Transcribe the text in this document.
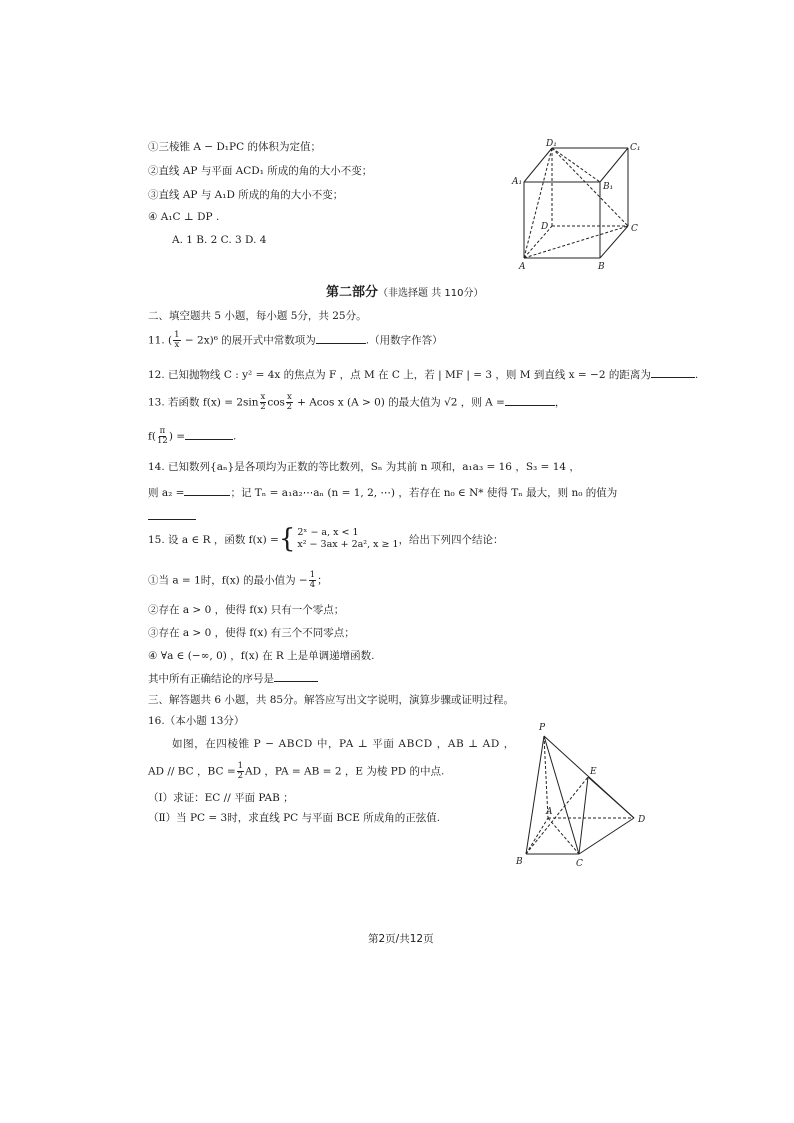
①三棱锥 A − D₁PC 的体积为定值；
②直线 AP 与平面 ACD₁ 所成的角的大小不变；
③直线 AP 与 A₁D 所成的角的大小不变；
④ A₁C ⊥ DP .
A. 1 B. 2 C. 3 D. 4
D₁	C₁
A₁	B₁
D	C
A	B
第二部分（非选择题 共 110分）
二、填空题共 5 小题，每小题 5分，共 25分。
11. ( $\frac{1}{x} - 2x)^6$ 的展开式中常数项为	.（用数字作答）
12. 已知抛物线 C : y² = 4x 的焦点为 F ，点 M 在 C 上，若 | MF | = 3 ，则 M 到直线 x = −2 的距离为	.
13. 若函数 $f(x) = 2\sin \frac{x}{2}$ $\cos \frac{x}{2} + Acos$ x (A > 0) 的最大值为 √2 ，则 A =	，
$f( \frac{\pi}{12}$ ) =	.
14. 已知数列{aₙ}是各项均为正数的等比数列，Sₙ 为其前 n 项和，a₁a₃ = 16 ，S₃ = 14 ，
则 a₂ =	；记 Tₙ = a₁a₂⋯aₙ (n = 1, 2, ⋯) ，若存在 n₀ ∈ N* 使得 Tₙ 最大，则 n₀ 的值为
15. 设 a ∈ R ，函数 f(x) = { 2ˣ − a, x < 1
x² − 3ax + 2a², x ≥ 1 ，给出下列四个结论：
①当 a = 1时，f(x) 的最小值为 − $\frac{1}{4}$ ；
②存在 a > 0 ，使得 f(x) 只有一个零点；
③存在 a > 0 ，使得 f(x) 有三个不同零点；
④ ∀a ∈ (−∞, 0) ，f(x) 在 R 上是单调递增函数.
其中所有正确结论的序号是
三、解答题共 6 小题，共 85分。解答应写出文字说明，演算步骤或证明过程。
16.（本小题 13分）
如图，在四棱锥 P − ABCD 中，PA ⊥ 平面 ABCD ，AB ⊥ AD ，
AD // BC ，BC = $\frac{1}{2}$ AD ，PA = AB = 2 ，E 为棱 PD 的中点.
（Ⅰ）求证：EC // 平面 PAB ；
（Ⅱ）当 PC = 3时，求直线 PC 与平面 BCE 所成角的正弦值.
P
E
A
D
B	C
第2页/共12页
